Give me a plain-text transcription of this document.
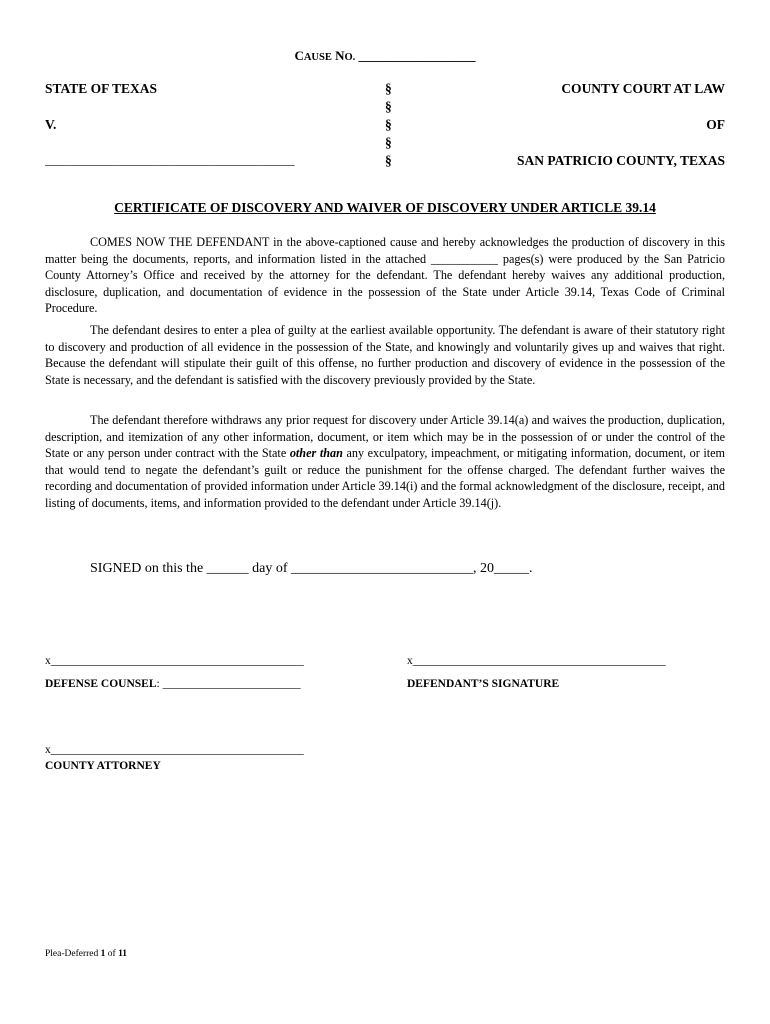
CAUSE NO. __________________
STATE OF TEXAS
V.
___________________________________________
§
§
§
§
§
COUNTY COURT AT LAW
OF
SAN PATRICIO COUNTY, TEXAS
CERTIFICATE OF DISCOVERY AND WAIVER OF DISCOVERY UNDER ARTICLE 39.14

COMES NOW THE DEFENDANT in the above-captioned cause and hereby acknowledges the production of discovery in this matter being the documents, reports, and information listed in the attached ___________ pages(s) were produced by the San Patricio County Attorney’s Office and received by the attorney for the defendant. The defendant hereby waives any additional production, disclosure, duplication, and documentation of evidence in the possession of the State under Article 39.14, Texas Code of Criminal Procedure.

The defendant desires to enter a plea of guilty at the earliest available opportunity. The defendant is aware of their statutory right to discovery and production of all evidence in the possession of the State, and knowingly and voluntarily gives up and waives that right. Because the defendant will stipulate their guilt of this offense, no further production and discovery of evidence in the possession of the State is necessary, and the defendant is satisfied with the discovery previously provided by the State.

The defendant therefore withdraws any prior request for discovery under Article 39.14(a) and waives the production, duplication, description, and itemization of any other information, document, or item which may be in the possession of or under the control of the State or any person under contract with the State other than any exculpatory, impeachment, or mitigating information, document, or item that would tend to negate the defendant’s guilt or reduce the punishment for the offense charged. The defendant further waives the recording and documentation of provided information under Article 39.14(i) and the formal acknowledgment of the disclosure, receipt, and listing of documents, items, and information provided to the defendant under Article 39.14(j).

SIGNED on this the ______ day of __________________________, 20_____.
x____________________________________________
DEFENSE COUNSEL: ________________________
x____________________________________________
DEFENDANT’S SIGNATURE
x____________________________________________
COUNTY ATTORNEY
Plea-Deferred 1 of 11
